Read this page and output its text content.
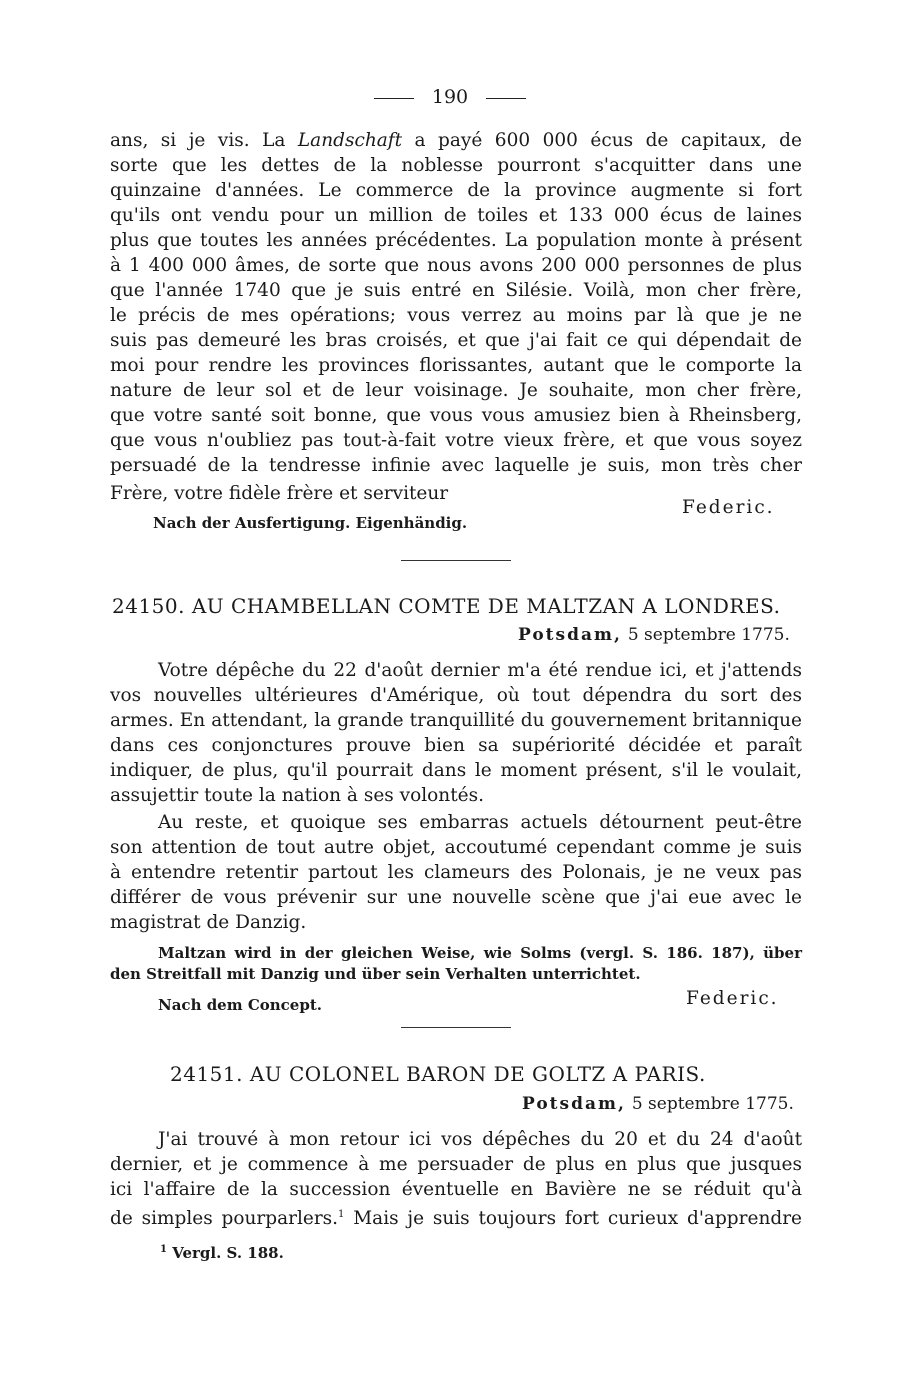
190
ans, si je vis. La Landschaft a payé 600 000 écus de capitaux, de
sorte que les dettes de la noblesse pourront s'acquitter dans une
quinzaine d'années. Le commerce de la province augmente si fort
qu'ils ont vendu pour un million de toiles et 133 000 écus de laines
plus que toutes les années précédentes. La population monte à présent
à 1 400 000 âmes, de sorte que nous avons 200 000 personnes de plus
que l'année 1740 que je suis entré en Silésie. Voilà, mon cher frère,
le précis de mes opérations; vous verrez au moins par là que je ne
suis pas demeuré les bras croisés, et que j'ai fait ce qui dépendait de
moi pour rendre les provinces florissantes, autant que le comporte la
nature de leur sol et de leur voisinage. Je souhaite, mon cher frère,
que votre santé soit bonne, que vous vous amusiez bien à Rheinsberg,
que vous n'oubliez pas tout-à-fait votre vieux frère, et que vous soyez
persuadé de la tendresse infinie avec laquelle je suis, mon très cher
Frère, votre fidèle frère et serviteur
Federic.
Nach der Ausfertigung. Eigenhändig.
24150. AU CHAMBELLAN COMTE DE MALTZAN A LONDRES.
Potsdam, 5 septembre 1775.
Votre dépêche du 22 d'août dernier m'a été rendue ici, et j'attends
vos nouvelles ultérieures d'Amérique, où tout dépendra du sort des
armes. En attendant, la grande tranquillité du gouvernement britannique
dans ces conjonctures prouve bien sa supériorité décidée et paraît
indiquer, de plus, qu'il pourrait dans le moment présent, s'il le voulait,
assujettir toute la nation à ses volontés.
Au reste, et quoique ses embarras actuels détournent peut-être
son attention de tout autre objet, accoutumé cependant comme je suis
à entendre retentir partout les clameurs des Polonais, je ne veux pas
différer de vous prévenir sur une nouvelle scène que j'ai eue avec le
magistrat de Danzig.
Maltzan wird in der gleichen Weise, wie Solms (vergl. S. 186. 187), über
den Streitfall mit Danzig und über sein Verhalten unterrichtet.
Nach dem Concept.	Federic.
24151. AU COLONEL BARON DE GOLTZ A PARIS.
Potsdam, 5 septembre 1775.
J'ai trouvé à mon retour ici vos dépêches du 20 et du 24 d'août
dernier, et je commence à me persuader de plus en plus que jusques
ici l'affaire de la succession éventuelle en Bavière ne se réduit qu'à
de simples pourparlers.$^1$ Mais je suis toujours fort curieux d'apprendre
$^1$ Vergl. S. 188.
